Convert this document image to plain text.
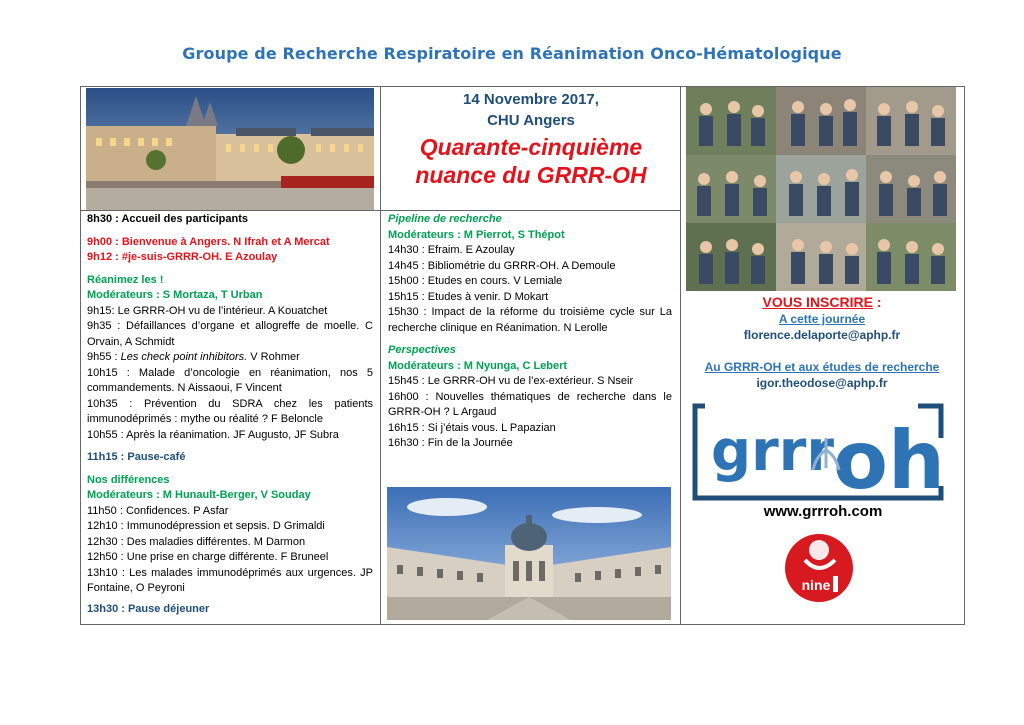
Groupe de Recherche Respiratoire en Réanimation Onco-Hématologique
14 Novembre 2017,
CHU Angers
Quarante-cinquième
nuance du GRRR-OH

8h30 : Accueil des participants

9h00 : Bienvenue à Angers. N Ifrah et A Mercat

9h12 : #je-suis-GRRR-OH. E Azoulay

Réanimez les !

Modérateurs : S Mortaza, T Urban

9h15: Le GRRR-OH vu de l’intérieur. A Kouatchet

9h35 : Défaillances d’organe et allogreffe de moelle. C Orvain, A Schmidt

9h55 : Les check point inhibitors. V Rohmer

10h15 : Malade d’oncologie en réanimation, nos 5 commandements. N Aissaoui, F Vincent

10h35 : Prévention du SDRA chez les patients immunodéprimés : mythe ou réalité ? F Beloncle

10h55 : Après la réanimation. JF Augusto, JF Subra

11h15 : Pause-café

Nos différences

Modérateurs : M Hunault-Berger, V Souday

11h50 : Confidences. P Asfar

12h10 : Immunodépression et sepsis. D Grimaldi

12h30 : Des maladies différentes. M Darmon

12h50 : Une prise en charge différente. F Bruneel

13h10 : Les malades immunodéprimés aux urgences. JP Fontaine, O Peyroni

13h30 : Pause déjeuner

Pipeline de recherche

Modérateurs : M Pierrot, S Thépot

14h30 : Efraim. E Azoulay

14h45 : Bibliométrie du GRRR-OH. A Demoule

15h00 : Etudes en cours. V Lemiale

15h15 : Etudes à venir. D Mokart

15h30 : Impact de la réforme du troisième cycle sur La recherche clinique en Réanimation. N Lerolle

Perspectives

Modérateurs : M Nyunga, C Lebert

15h45 : Le GRRR-OH vu de l’ex-extérieur. S Nseir

16h00 : Nouvelles thématiques de recherche dans le GRRR-OH ? L Argaud

16h15 : Si j’étais vous. L Papazian

16h30 : Fin de la Journée

VOUS INSCRIRE :
A cette journée
florence.delaporte@aphp.fr
Au GRRR-OH et aux études de recherche
igor.theodose@aphp.fr
grrr oh
www.grrroh.com
nine
